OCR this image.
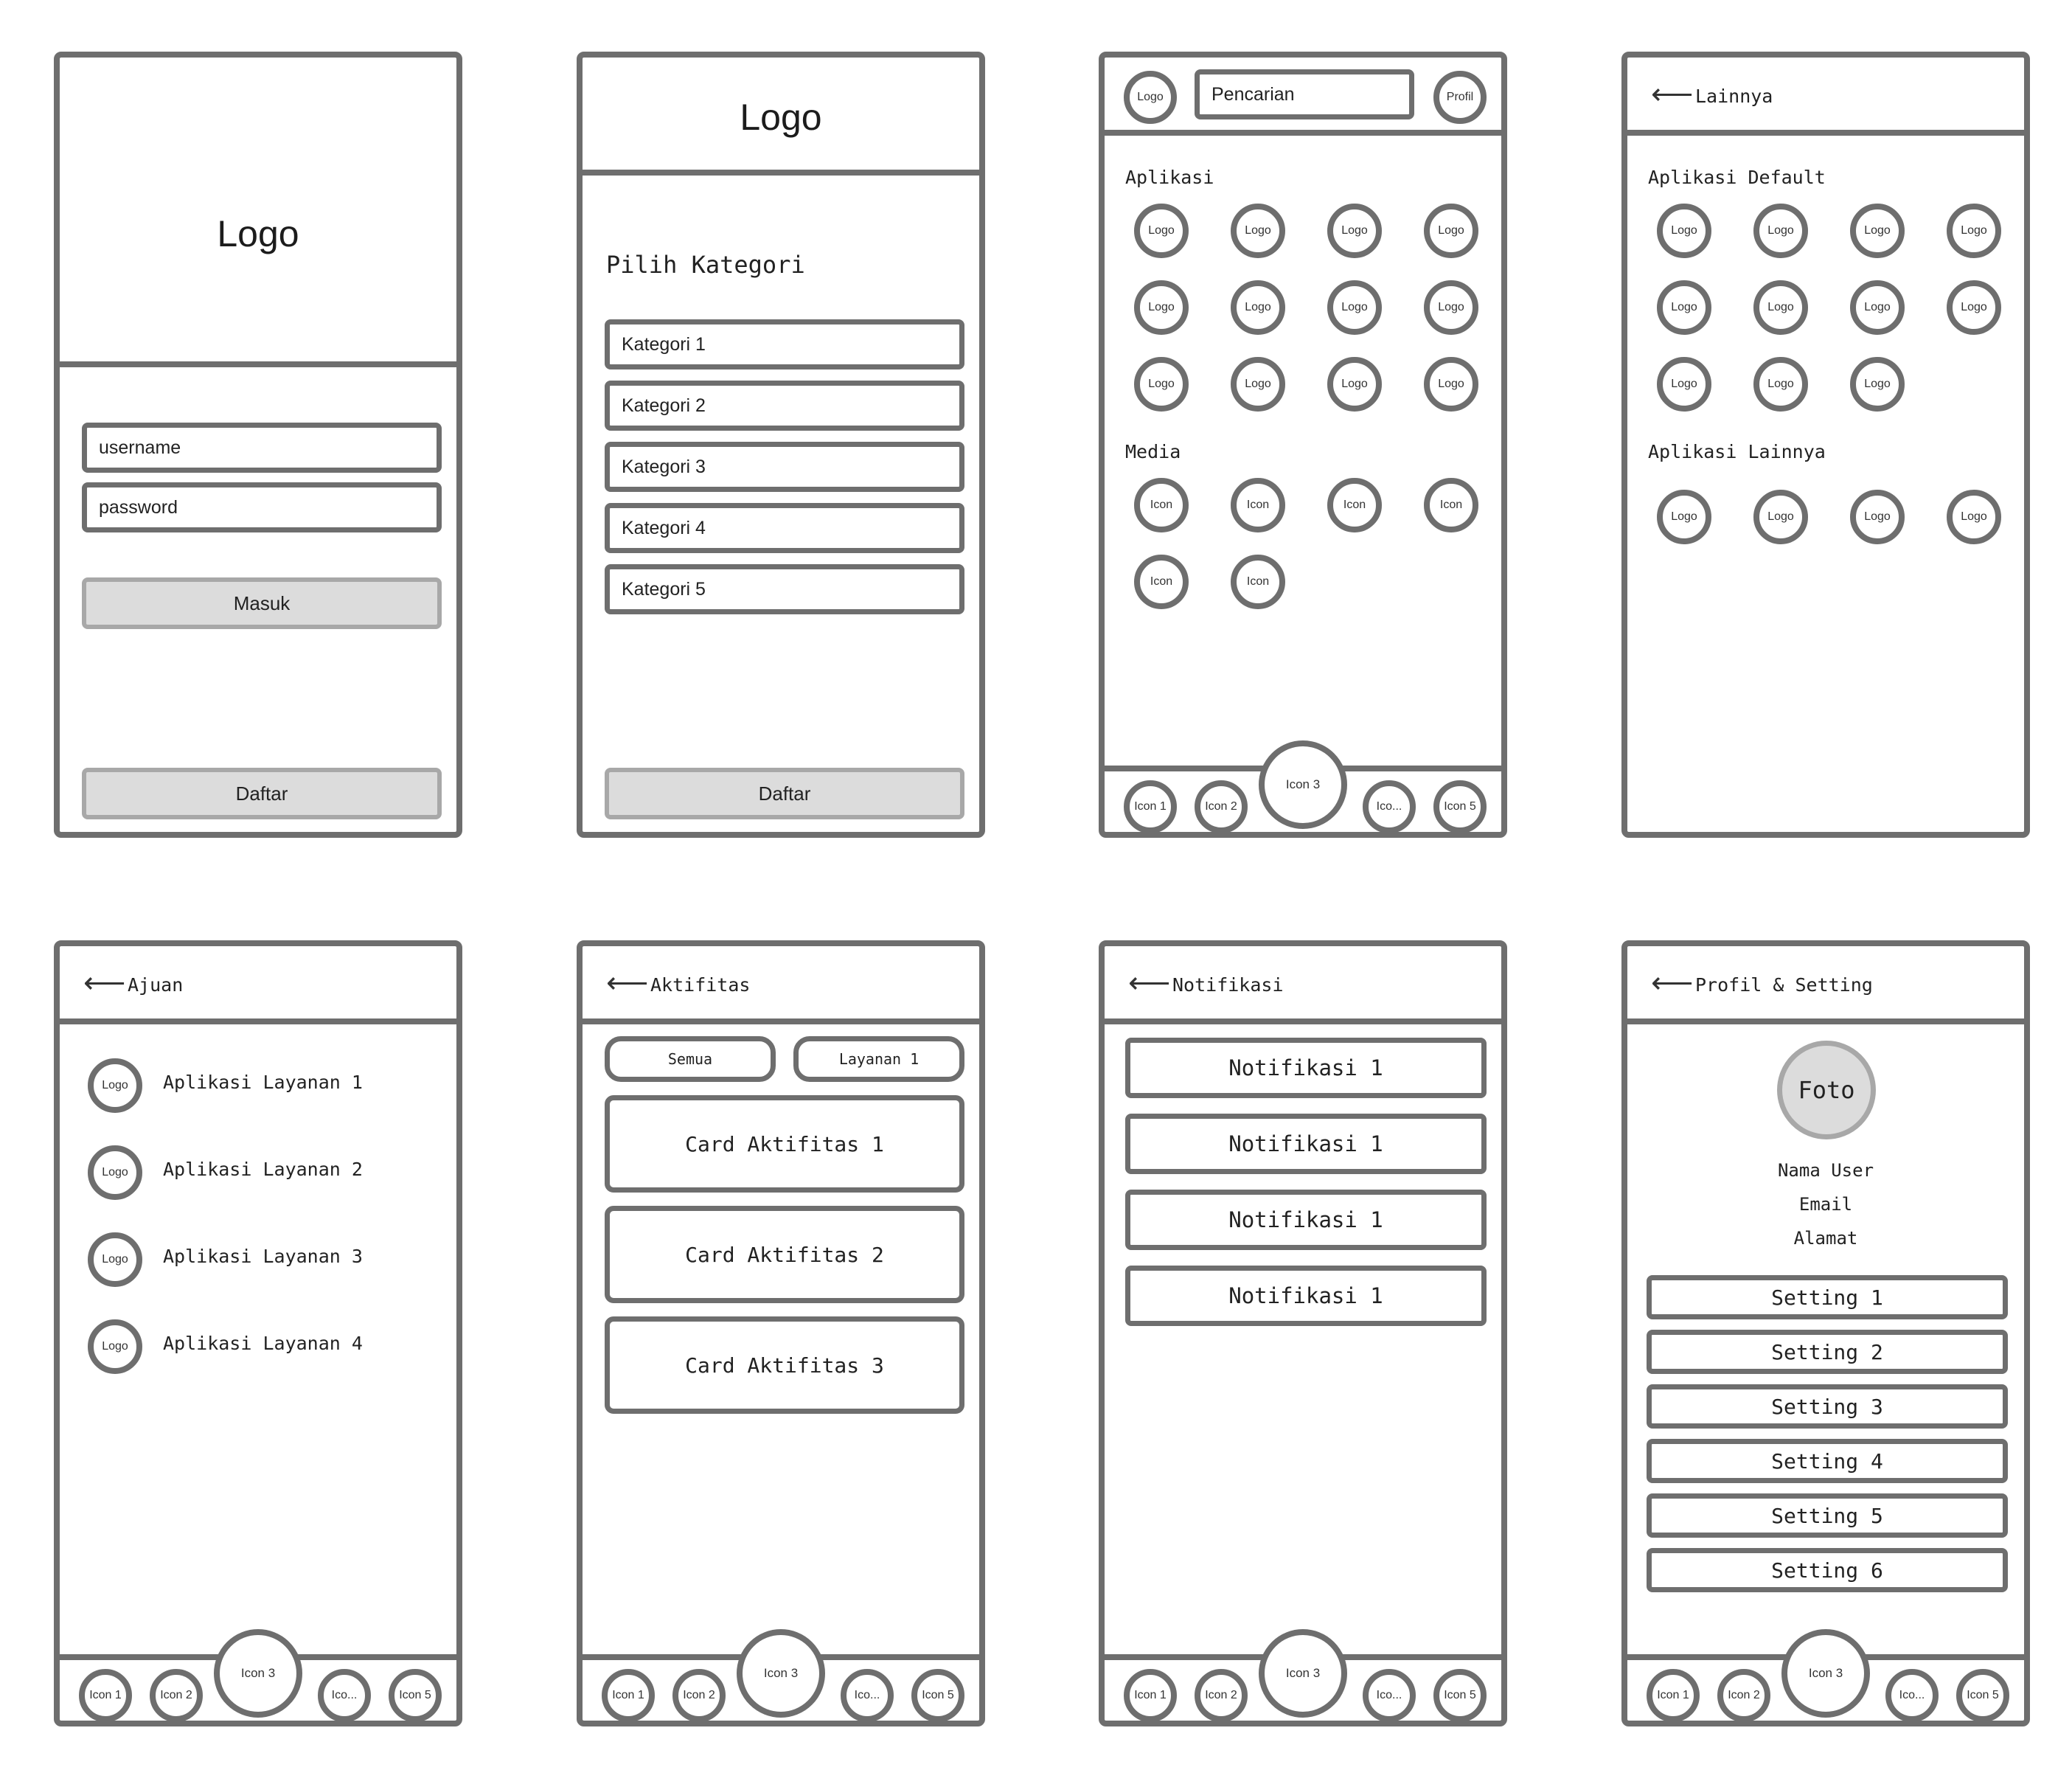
Logo
username
password
Masuk
Daftar
Logo
Pilih Kategori
Kategori 1
Kategori 2
Kategori 3
Kategori 4
Kategori 5
Daftar
Logo	Pencarian	Profil
Aplikasi
Logo	Logo	Logo	Logo
Logo	Logo	Logo	Logo
Logo	Logo	Logo	Logo
Media
Icon	Icon	Icon	Icon
Icon	Icon
Icon 1	Icon 2
Icon 3
Ico...	Icon 5
⟵ Lainnya
Aplikasi Default
Logo	Logo	Logo	Logo
Logo	Logo	Logo	Logo
Logo	Logo	Logo
Aplikasi Lainnya
Logo	Logo	Logo	Logo
⟵ Ajuan
Logo	Aplikasi Layanan 1
Logo	Aplikasi Layanan 2
Logo	Aplikasi Layanan 3
Logo	Aplikasi Layanan 4
Icon 1	Icon 2
Icon 3
Ico...	Icon 5
⟵ Aktifitas
Semua	Layanan 1
Card Aktifitas 1
Card Aktifitas 2
Card Aktifitas 3
Icon 1	Icon 2
Icon 3
Ico...	Icon 5
⟵ Notifikasi
Notifikasi 1
Notifikasi 1
Notifikasi 1
Notifikasi 1
Icon 1	Icon 2
Icon 3
Ico...	Icon 5
⟵ Profil & Setting
Foto
Nama User
Email
Alamat
Setting 1
Setting 2
Setting 3
Setting 4
Setting 5
Setting 6
Icon 1	Icon 2
Icon 3
Ico...	Icon 5
